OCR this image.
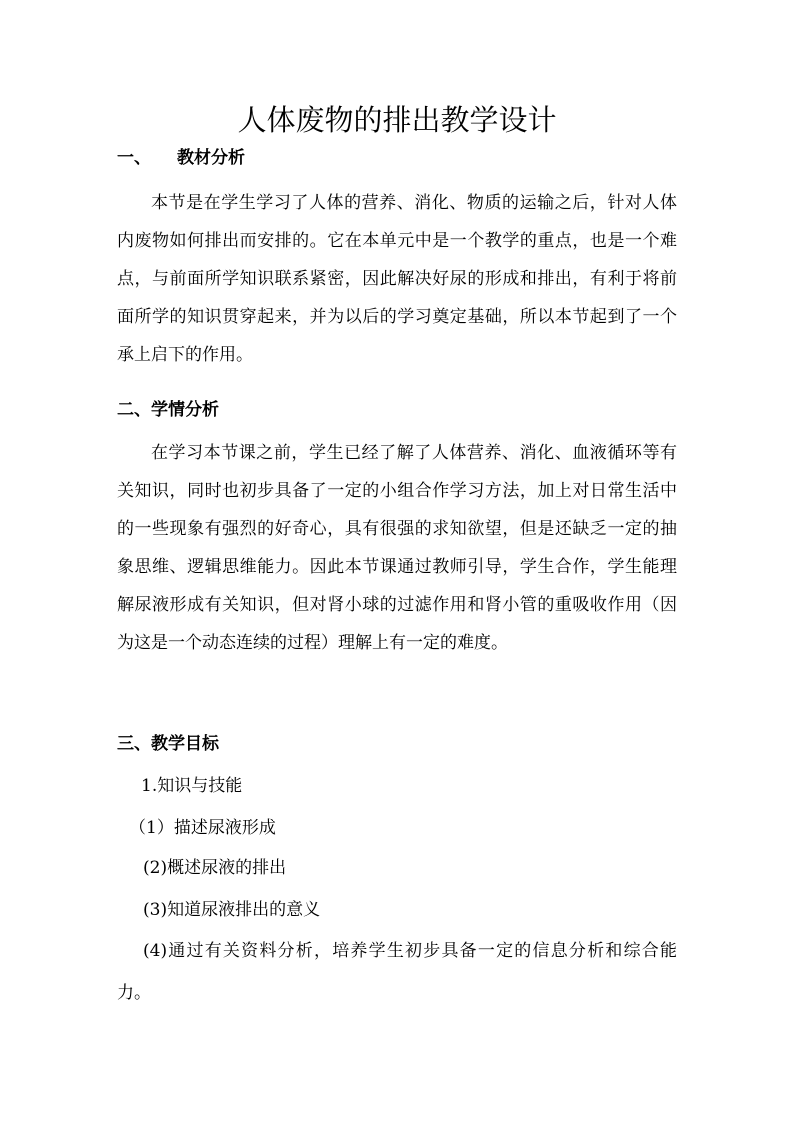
人体废物的排出教学设计
一、 教材分析

本节是在学生学习了人体的营养、消化、物质的运输之后，针对人体内废物如何排出而安排的。它在本单元中是一个教学的重点，也是一个难点，与前面所学知识联系紧密，因此解决好尿的形成和排出，有利于将前面所学的知识贯穿起来，并为以后的学习奠定基础，所以本节起到了一个承上启下的作用。

二、学情分析

在学习本节课之前，学生已经了解了人体营养、消化、血液循环等有关知识，同时也初步具备了一定的小组合作学习方法，加上对日常生活中的一些现象有强烈的好奇心，具有很强的求知欲望，但是还缺乏一定的抽象思维、逻辑思维能力。因此本节课通过教师引导，学生合作，学生能理解尿液形成有关知识，但对肾小球的过滤作用和肾小管的重吸收作用（因为这是一个动态连续的过程）理解上有一定的难度。

三、教学目标
1.知识与技能
（1）描述尿液形成
(2)概述尿液的排出
(3)知道尿液排出的意义

(4)通过有关资料分析，培养学生初步具备一定的信息分析和综合能力。
